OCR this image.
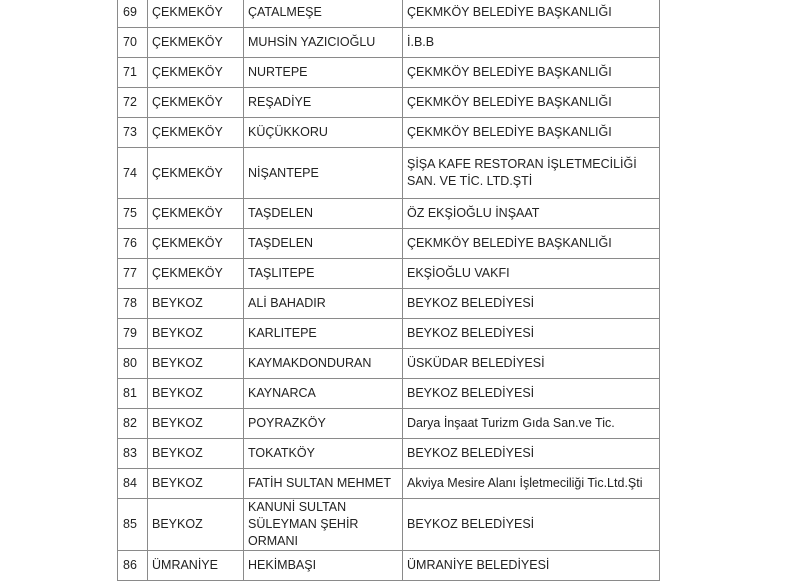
69	ÇEKMEKÖY	ÇATALMEŞE	ÇEKMKÖY BELEDİYE BAŞKANLIĞI
70	ÇEKMEKÖY	MUHSİN YAZICIOĞLU	İ.B.B
71	ÇEKMEKÖY	NURTEPE	ÇEKMKÖY BELEDİYE BAŞKANLIĞI
72	ÇEKMEKÖY	REŞADİYE	ÇEKMKÖY BELEDİYE BAŞKANLIĞI
73	ÇEKMEKÖY	KÜÇÜKKORU	ÇEKMKÖY BELEDİYE BAŞKANLIĞI
74	ÇEKMEKÖY	NİŞANTEPE	ŞİŞA KAFE RESTORAN İŞLETMECİLİĞİ SAN. VE TİC. LTD.ŞTİ
75	ÇEKMEKÖY	TAŞDELEN	ÖZ EKŞİOĞLU İNŞAAT
76	ÇEKMEKÖY	TAŞDELEN	ÇEKMKÖY BELEDİYE BAŞKANLIĞI
77	ÇEKMEKÖY	TAŞLITEPE	EKŞİOĞLU VAKFI
78	BEYKOZ	ALİ BAHADIR	BEYKOZ BELEDİYESİ
79	BEYKOZ	KARLITEPE	BEYKOZ BELEDİYESİ
80	BEYKOZ	KAYMAKDONDURAN	ÜSKÜDAR BELEDİYESİ
81	BEYKOZ	KAYNARCA	BEYKOZ BELEDİYESİ
82	BEYKOZ	POYRAZKÖY	Darya İnşaat Turizm Gıda San.ve Tic.
83	BEYKOZ	TOKATKÖY	BEYKOZ BELEDİYESİ
84	BEYKOZ	FATİH SULTAN MEHMET	Akviya Mesire Alanı İşletmeciliği Tic.Ltd.Şti
85	BEYKOZ	KANUNİ SULTAN SÜLEYMAN ŞEHİR ORMANI	BEYKOZ BELEDİYESİ
86	ÜMRANİYE	HEKİMBAŞI	ÜMRANİYE BELEDİYESİ
